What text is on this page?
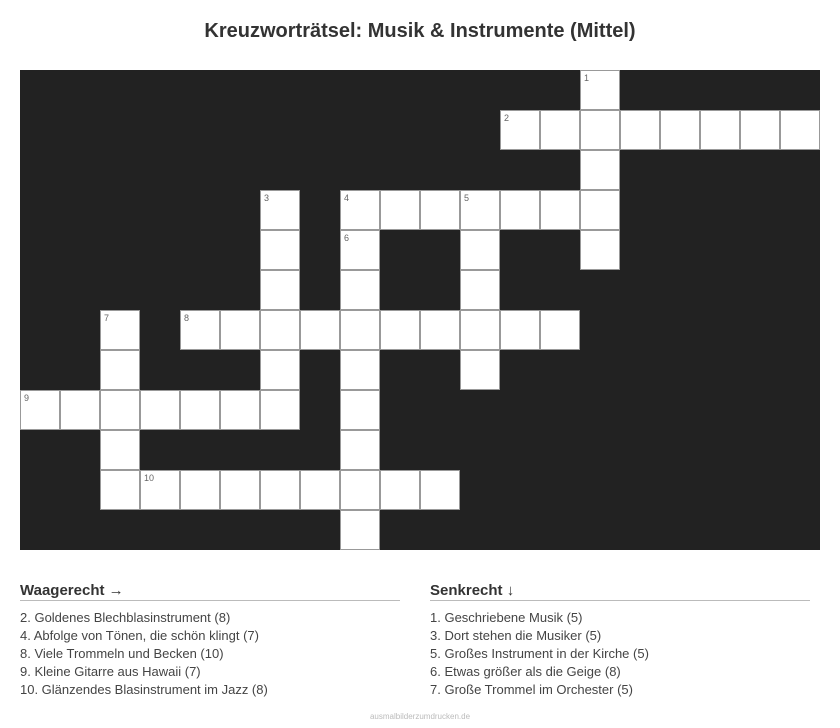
Kreuzworträtsel: Musik & Instrumente (Mittel)
1
2
3	4	5
6
7	8
9
10
Waagerecht →
2. Goldenes Blechblasinstrument (8)
4. Abfolge von Tönen, die schön klingt (7)
8. Viele Trommeln und Becken (10)
9. Kleine Gitarre aus Hawaii (7)
10. Glänzendes Blasinstrument im Jazz (8)
Senkrecht ↓
1. Geschriebene Musik (5)
3. Dort stehen die Musiker (5)
5. Großes Instrument in der Kirche (5)
6. Etwas größer als die Geige (8)
7. Große Trommel im Orchester (5)
ausmalbilderzumdrucken.de
